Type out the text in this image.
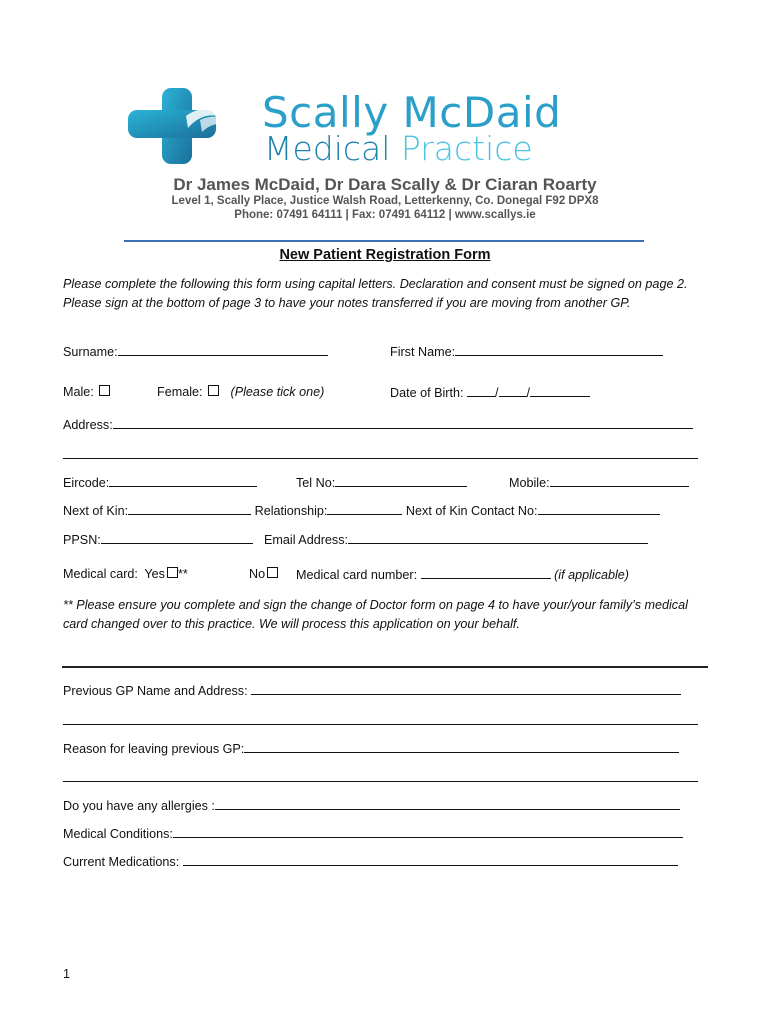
Scally McDaid
Medical Practice
Dr James McDaid, Dr Dara Scally & Dr Ciaran Roarty
Level 1, Scally Place, Justice Walsh Road, Letterkenny, Co. Donegal F92 DPX8
Phone: 07491 64111 | Fax: 07491 64112 | www.scallys.ie
New Patient Registration Form
Please complete the following this form using capital letters. Declaration and consent must be signed on page 2. Please sign at the bottom of page 3 to have your notes transferred if you are moving from another GP.
Surname:	First Name:
Male:	Female: (Please tick one)	Date of Birth:	/ /
Address:
Eircode:	Tel No:	Mobile:
Next of Kin:	Relationship:	Next of Kin Contact No:
PPSN:	Email Address:
Medical card: Yes **	No	Medical card number:	(if applicable)
** Please ensure you complete and sign the change of Doctor form on page 4 to have your/your family’s medical card changed over to this practice. We will process this application on your behalf.
Previous GP Name and Address:
Reason for leaving previous GP:
Do you have any allergies :
Medical Conditions:
Current Medications:
1
